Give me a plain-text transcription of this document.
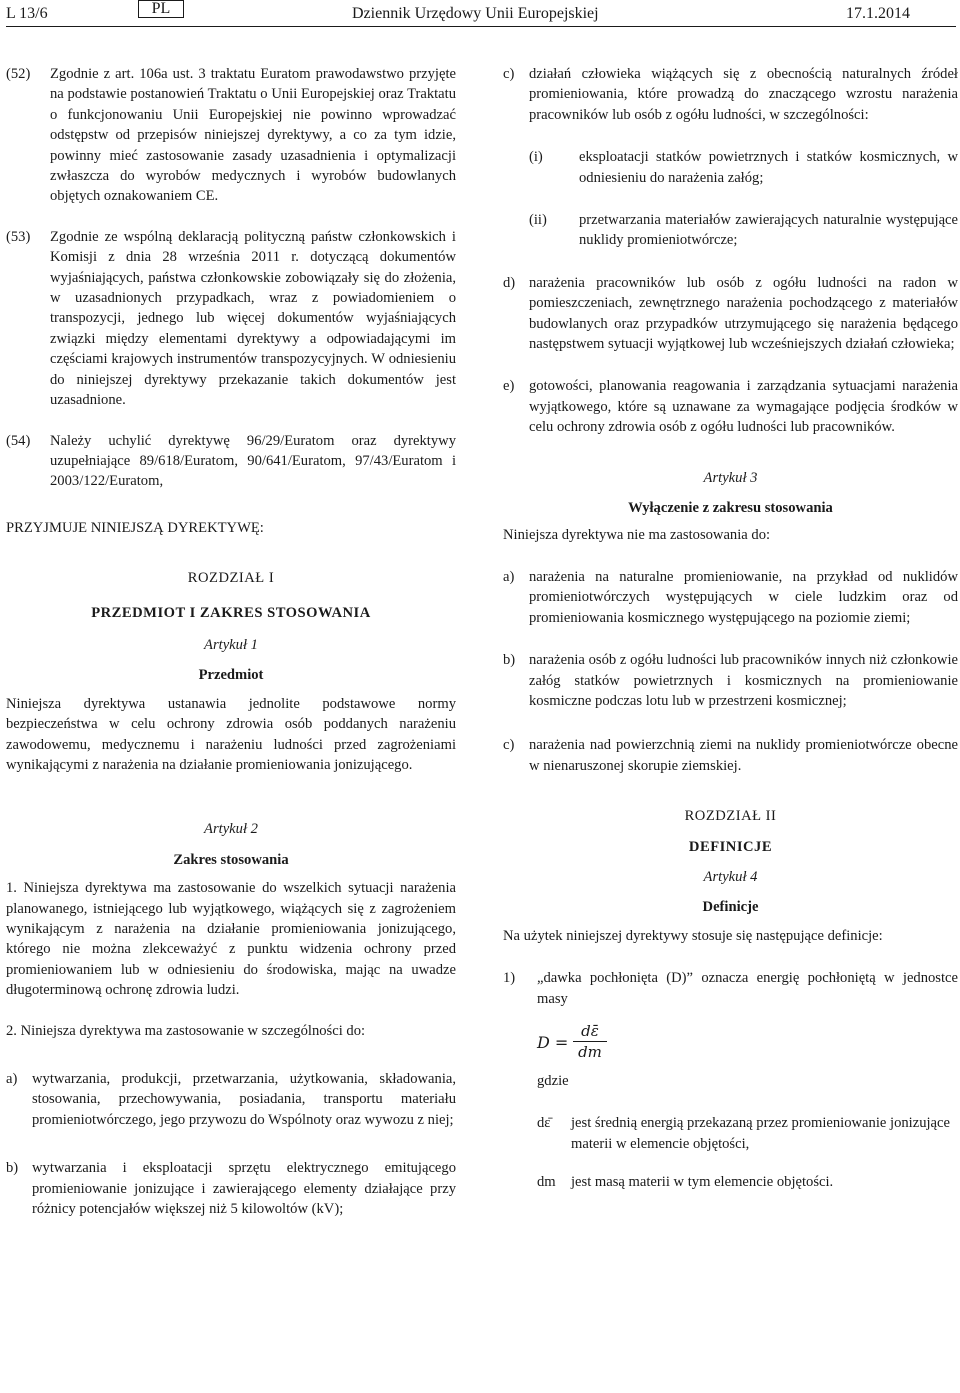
L 13/6	PL	Dziennik Urzędowy Unii Europejskiej	17.1.2014
(52) Zgodnie z art. 106a ust. 3 traktatu Euratom prawodawstwo przyjęte na podstawie postanowień Traktatu o Unii Europejskiej oraz Traktatu o funkcjonowaniu Unii Europejskiej nie powinno wprowadzać odstępstw od przepisów niniejszej dyrektywy, a co za tym idzie, powinny mieć zastosowanie zasady uzasadnienia i optymalizacji zwłaszcza do wyrobów medycznych i wyrobów budowlanych objętych oznakowaniem CE.
(53) Zgodnie ze wspólną deklaracją polityczną państw członkowskich i Komisji z dnia 28 września 2011 r. dotyczącą dokumentów wyjaśniających, państwa członkowskie zobowiązały się do złożenia, w uzasadnionych przypadkach, wraz z powiadomieniem o transpozycji, jednego lub więcej dokumentów wyjaśniających związki między elementami dyrektywy a odpowiadającymi im częściami krajowych instrumentów transpozycyjnych. W odniesieniu do niniejszej dyrektywy przekazanie takich dokumentów jest uzasadnione.
(54) Należy uchylić dyrektywę 96/29/Euratom oraz dyrektywy uzupełniające 89/618/Euratom, 90/641/Euratom, 97/43/Euratom i 2003/122/Euratom,

PRZYJMUJE NINIEJSZĄ DYREKTYWĘ:

ROZDZIAŁ I

PRZEDMIOT I ZAKRES STOSOWANIA

Artykuł 1

Przedmiot

Niniejsza dyrektywa ustanawia jednolite podstawowe normy bezpieczeństwa w celu ochrony zdrowia osób poddanych narażeniu zawodowemu, medycznemu i narażeniu ludności przed zagrożeniami wynikającymi z narażenia na działanie promieniowania jonizującego.

Artykuł 2

Zakres stosowania

1. Niniejsza dyrektywa ma zastosowanie do wszelkich sytuacji narażenia planowanego, istniejącego lub wyjątkowego, wiążących się z zagrożeniem wynikającym z narażenia na działanie promieniowania jonizującego, którego nie można zlekceważyć z punktu widzenia ochrony przed promieniowaniem lub w odniesieniu do środowiska, mając na uwadze długoterminową ochronę zdrowia ludzi.

2. Niniejsza dyrektywa ma zastosowanie w szczególności do:

a) wytwarzania, produkcji, przetwarzania, użytkowania, składowania, stosowania, przechowywania, posiadania, transportu materiału promieniotwórczego, jego przywozu do Wspólnoty oraz wywozu z niej;
b) wytwarzania i eksploatacji sprzętu elektrycznego emitującego promieniowanie jonizujące i zawierającego elementy działające przy różnicy potencjałów większej niż 5 kilowoltów (kV);
c) działań człowieka wiążących się z obecnością naturalnych źródeł promieniowania, które prowadzą do znaczącego wzrostu narażenia pracowników lub osób z ogółu ludności, w szczególności:
(i) eksploatacji statków powietrznych i statków kosmicznych, w odniesieniu do narażenia załóg;
(ii) przetwarzania materiałów zawierających naturalnie występujące nuklidy promieniotwórcze;
d) narażenia pracowników lub osób z ogółu ludności na radon w pomieszczeniach, zewnętrznego narażenia pochodzącego z materiałów budowlanych oraz przypadków utrzymującego się narażenia będącego następstwem sytuacji wyjątkowej lub wcześniejszych działań człowieka;
e) gotowości, planowania reagowania i zarządzania sytuacjami narażenia wyjątkowego, które są uznawane za wymagające podjęcia środków w celu ochrony zdrowia osób z ogółu ludności lub pracowników.

Artykuł 3

Wyłączenie z zakresu stosowania

Niniejsza dyrektywa nie ma zastosowania do:

a) narażenia na naturalne promieniowanie, na przykład od nuklidów promieniotwórczych występujących w ciele ludzkim oraz od promieniowania kosmicznego występującego na poziomie ziemi;
b) narażenia osób z ogółu ludności lub pracowników innych niż członkowie załóg statków powietrznych i kosmicznych na promieniowanie kosmiczne podczas lotu lub w przestrzeni kosmicznej;
c) narażenia nad powierzchnią ziemi na nuklidy promieniotwórcze obecne w nienaruszonej skorupie ziemskiej.

ROZDZIAŁ II

DEFINICJE

Artykuł 4

Definicje

Na użytek niniejszej dyrektywy stosuje się następujące definicje:

1) „dawka pochłonięta (D)” oznacza energię pochłoniętą w jednostce masy
$D = \frac{d\varepsilon̄}{dm}$

gdzie

dε̄ jest średnią energią przekazaną przez promieniowanie jonizujące materii w elemencie objętości,
dm jest masą materii w tym elemencie objętości.
